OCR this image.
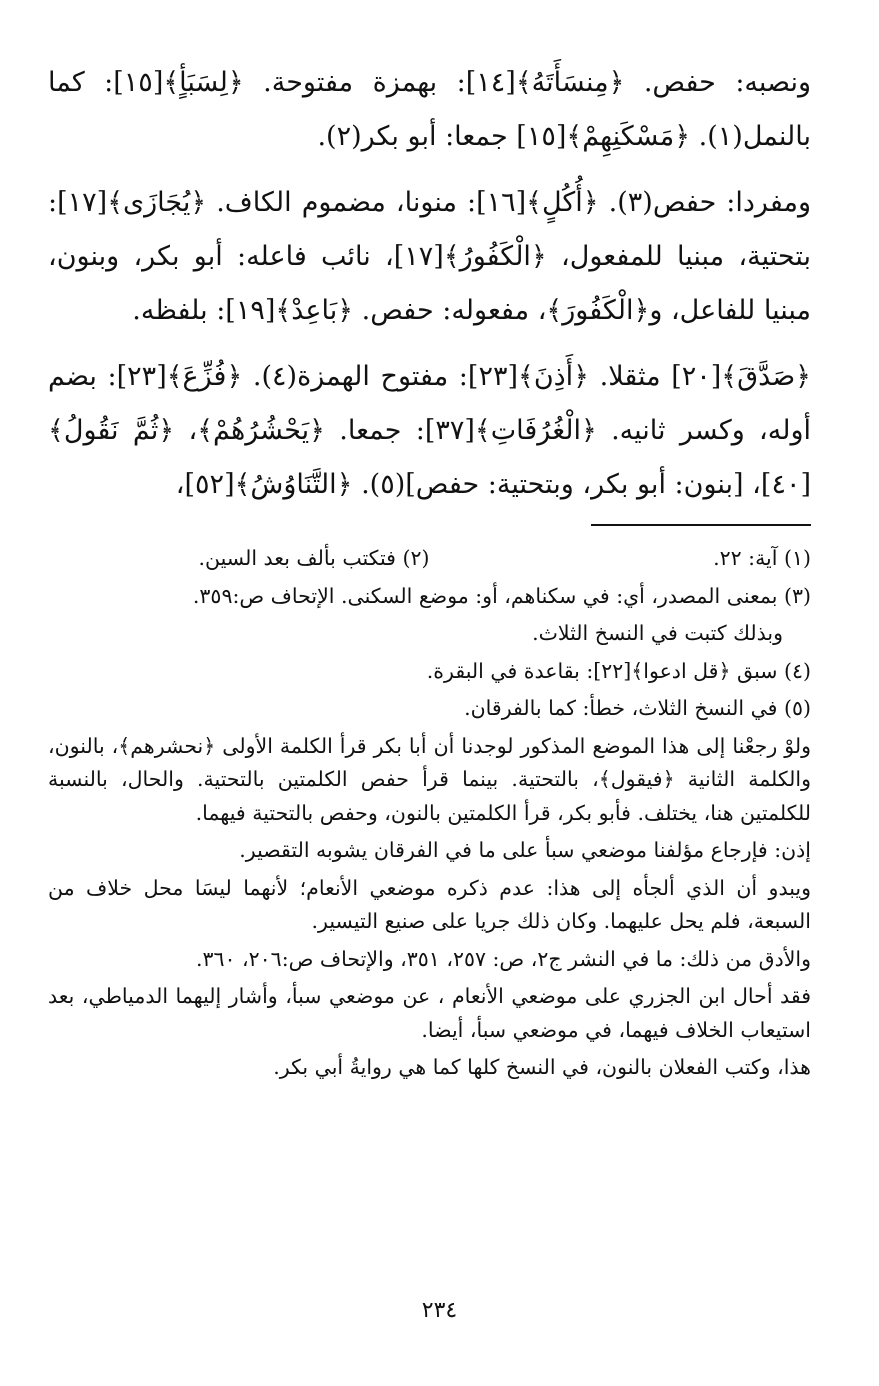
ونصبه: حفص. ﴿مِنسَأَتَهُ﴾[١٤]: بهمزة مفتوحة. ﴿لِسَبَأٍ﴾[١٥]: كما بالنمل(١). ﴿مَسْكَنِهِمْ﴾[١٥] جمعا: أبو بكر(٢).

ومفردا: حفص(٣). ﴿أُكُلٍ﴾[١٦]: منونا، مضموم الكاف. ﴿يُجَازَى﴾[١٧]: بتحتية، مبنيا للمفعول، ﴿الْكَفُورُ﴾[١٧]، نائب فاعله: أبو بكر، وبنون، مبنيا للفاعل، و﴿الْكَفُورَ﴾، مفعوله: حفص. ﴿بَاعِدْ﴾[١٩]: بلفظه.

﴿صَدَّقَ﴾[٢٠] مثقلا. ﴿أَذِنَ﴾[٢٣]: مفتوح الهمزة(٤). ﴿فُزِّعَ﴾[٢٣]: بضم أوله، وكسر ثانيه. ﴿الْغُرُفَاتِ﴾[٣٧]: جمعا. ﴿يَحْشُرُهُمْ﴾، ﴿ثُمَّ نَقُولُ﴾[٤٠]، [بنون: أبو بكر، وبتحتية: حفص](٥). ﴿التَّنَاوُشُ﴾[٥٢]،

(١) آية: ٢٢.
(٢) فتكتب بألف بعد السين.

(٣) بمعنى المصدر، أي: في سكناهم، أو: موضع السكنى. الإتحاف ص:٣٥٩.

وبذلك كتبت في النسخ الثلاث.

(٤) سبق ﴿قل ادعوا﴾[٢٢]: بقاعدة في البقرة.

(٥) في النسخ الثلاث، خطأ: كما بالفرقان.

ولوْ رجعْنا إلى هذا الموضع المذكور لوجدنا أن أبا بكر قرأ الكلمة الأولى ﴿نحشرهم﴾، بالنون، والكلمة الثانية ﴿فيقول﴾، بالتحتية. بينما قرأ حفص الكلمتين بالتحتية. والحال، بالنسبة للكلمتين هنا، يختلف. فأبو بكر، قرأ الكلمتين بالنون، وحفص بالتحتية فيهما.

إذن: فإرجاع مؤلفنا موضعي سبأ على ما في الفرقان يشوبه التقصير.

ويبدو أن الذي ألجأه إلى هذا: عدم ذكره موضعي الأنعام؛ لأنهما ليسَا محل خلاف من السبعة، فلم يحل عليهما. وكان ذلك جريا على صنيع التيسير.

والأدق من ذلك: ما في النشر ج٢، ص: ٢٥٧، ٣٥١، والإتحاف ص:٢٠٦، ٣٦٠.

فقد أحال ابن الجزري على موضعي الأنعام ، عن موضعي سبأ، وأشار إليهما الدمياطي، بعد استيعاب الخلاف فيهما، في موضعي سبأ، أيضا.

هذا، وكتب الفعلان بالنون، في النسخ كلها كما هي روايةُ أبي بكر.

٢٣٤
